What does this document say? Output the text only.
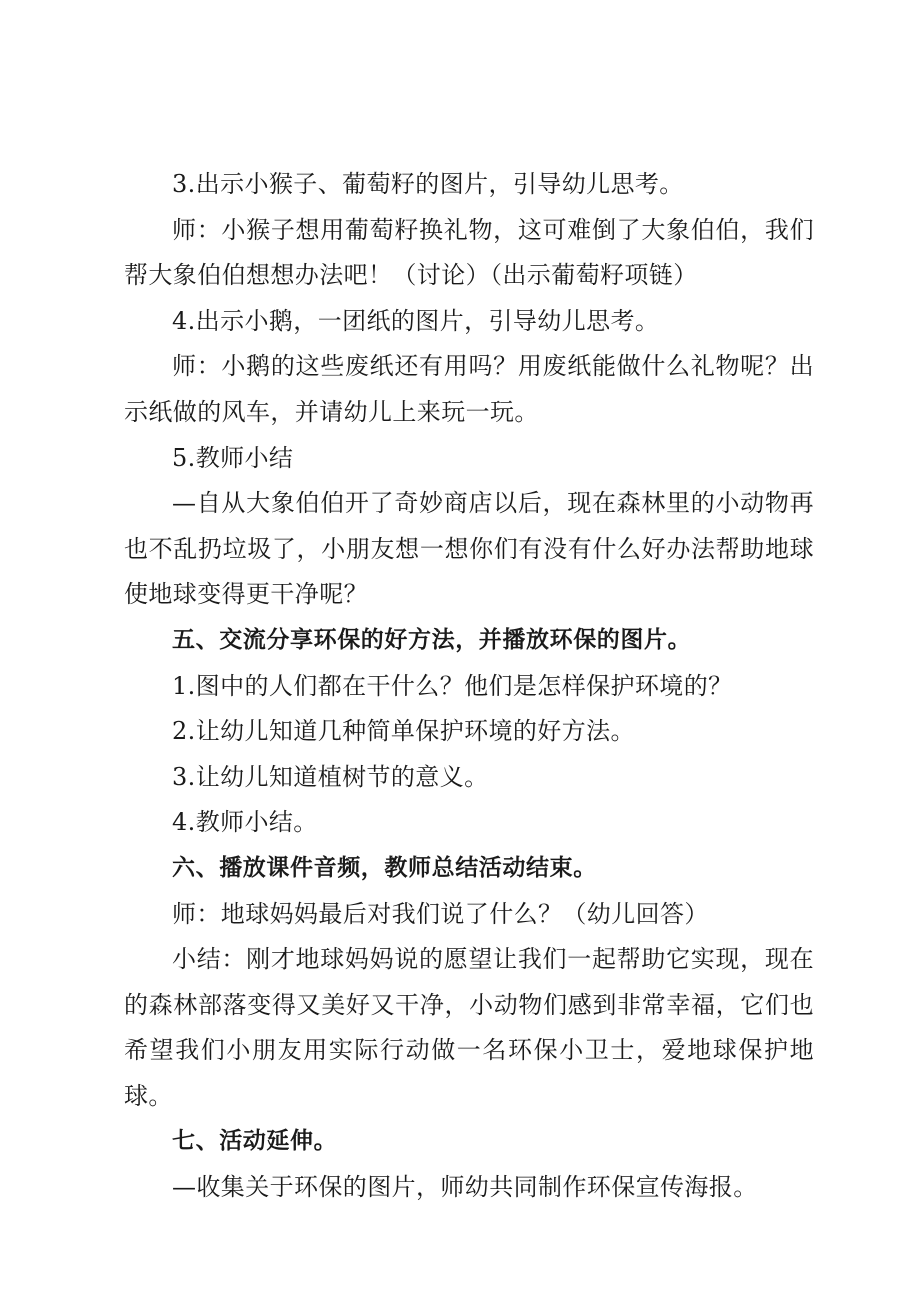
3.出示小猴子、葡萄籽的图片，引导幼儿思考。

师：小猴子想用葡萄籽换礼物，这可难倒了大象伯伯，我们帮大象伯伯想想办法吧！（讨论）（出示葡萄籽项链）

4.出示小鹅，一团纸的图片，引导幼儿思考。

师：小鹅的这些废纸还有用吗？用废纸能做什么礼物呢？出示纸做的风车，并请幼儿上来玩一玩。

5.教师小结

—自从大象伯伯开了奇妙商店以后，现在森林里的小动物再也不乱扔垃圾了，小朋友想一想你们有没有什么好办法帮助地球使地球变得更干净呢？

五、交流分享环保的好方法，并播放环保的图片。

1.图中的人们都在干什么？他们是怎样保护环境的？

2.让幼儿知道几种简单保护环境的好方法。

3.让幼儿知道植树节的意义。

4.教师小结。

六、播放课件音频，教师总结活动结束。

师：地球妈妈最后对我们说了什么？（幼儿回答）

小结：刚才地球妈妈说的愿望让我们一起帮助它实现，现在的森林部落变得又美好又干净，小动物们感到非常幸福，它们也希望我们小朋友用实际行动做一名环保小卫士，爱地球保护地球。

七、活动延伸。

—收集关于环保的图片，师幼共同制作环保宣传海报。
